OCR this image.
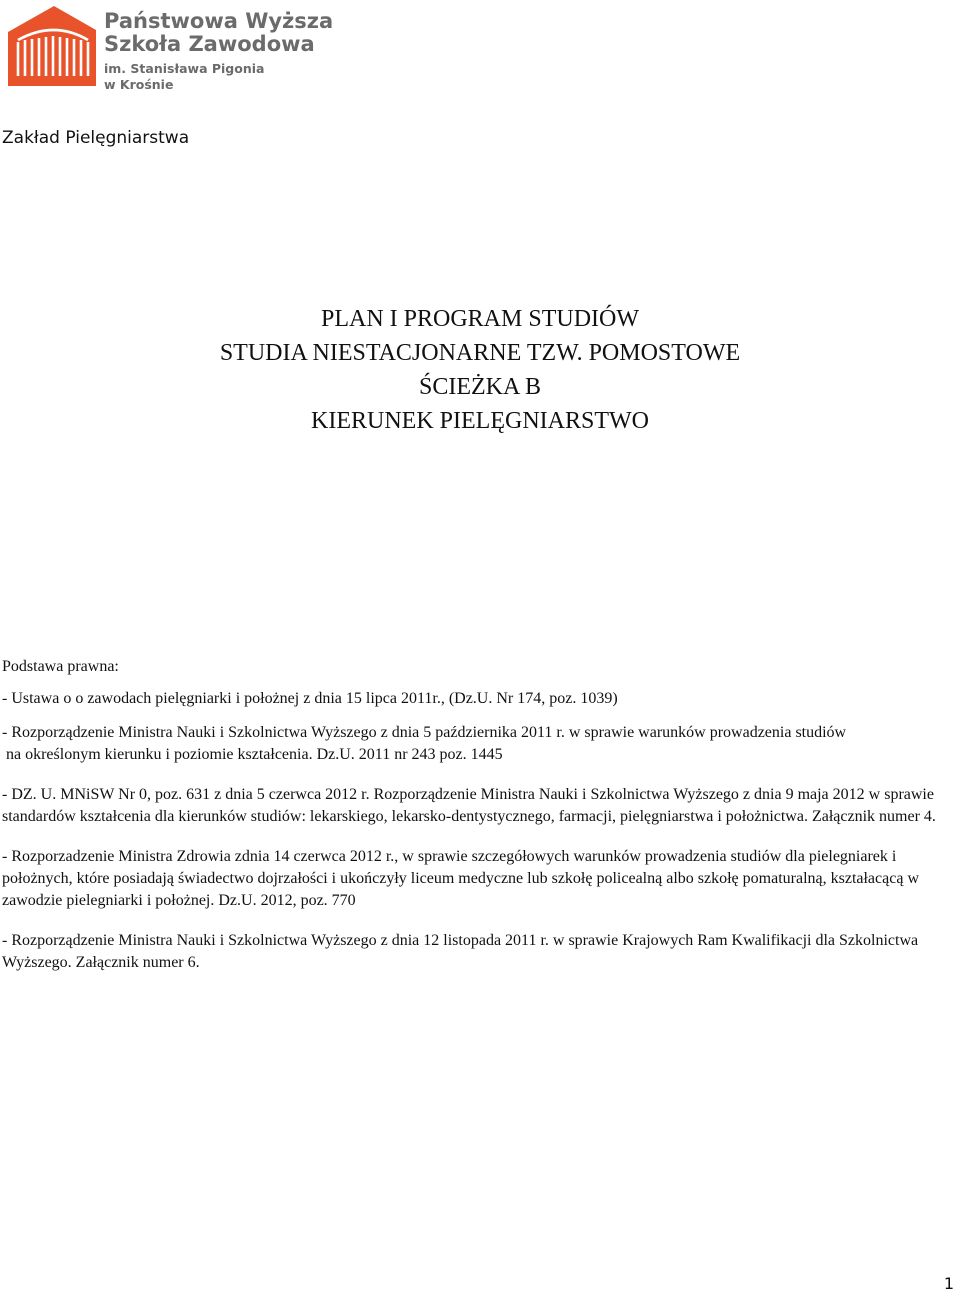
Państwowa Wyższa
Szkoła Zawodowa
im. Stanisława Pigonia
w Krośnie
Zakład Pielęgniarstwa
PLAN I PROGRAM STUDIÓW
STUDIA NIESTACJONARNE TZW. POMOSTOWE
ŚCIEŻKA B
KIERUNEK PIELĘGNIARSTWO

Podstawa prawna:

- Ustawa o o zawodach pielęgniarki i położnej z dnia 15 lipca 2011r., (Dz.U. Nr 174, poz. 1039)

- Rozporządzenie Ministra Nauki i Szkolnictwa Wyższego z dnia 5 października 2011 r. w sprawie warunków prowadzenia studiów
na określonym kierunku i poziomie kształcenia. Dz.U. 2011 nr 243 poz. 1445

- DZ. U. MNiSW Nr 0, poz. 631 z dnia 5 czerwca 2012 r. Rozporządzenie Ministra Nauki i Szkolnictwa Wyższego z dnia 9 maja 2012 w sprawie standardów kształcenia dla kierunków studiów: lekarskiego, lekarsko-dentystycznego, farmacji, pielęgniarstwa i położnictwa. Załącznik numer 4.

- Rozporzadzenie Ministra Zdrowia zdnia 14 czerwca 2012 r., w sprawie szczegółowych warunków prowadzenia studiów dla pielegniarek i położnych, które posiadają świadectwo dojrzałości i ukończyły liceum medyczne lub szkołę policealną albo szkołę pomaturalną, kształacącą w zawodzie pielegniarki i położnej. Dz.U. 2012, poz. 770

- Rozporządzenie Ministra Nauki i Szkolnictwa Wyższego z dnia 12 listopada 2011 r. w sprawie Krajowych Ram Kwalifikacji dla Szkolnictwa Wyższego. Załącznik numer 6.

1
